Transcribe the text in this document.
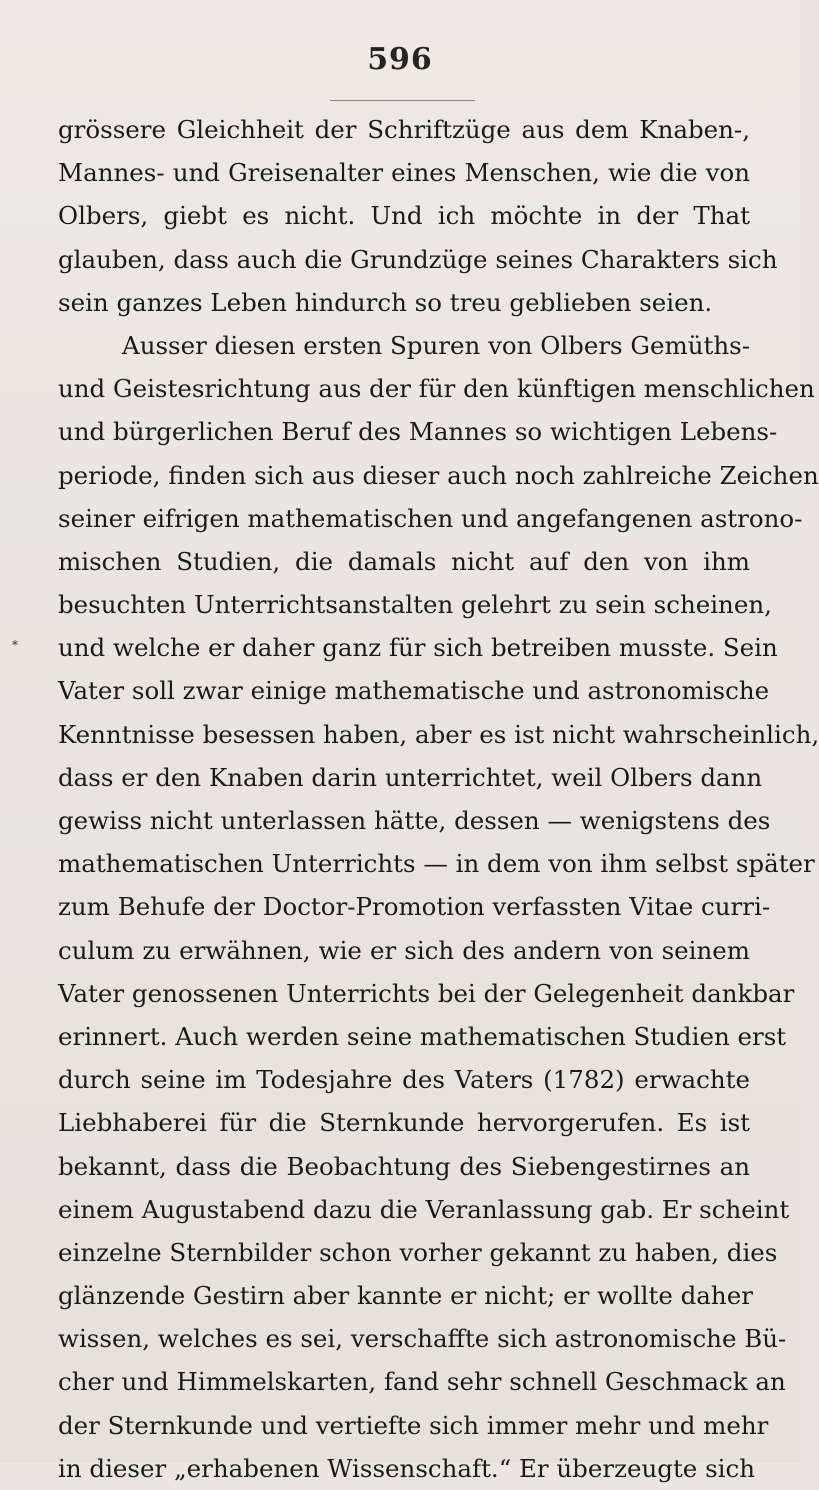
596
*
grössere Gleichheit der Schriftzüge aus dem Knaben-,
Mannes- und Greisenalter eines Menschen, wie die von
Olbers, giebt es nicht. Und ich möchte in der That
glauben, dass auch die Grundzüge seines Charakters sich
sein ganzes Leben hindurch so treu geblieben seien.
Ausser diesen ersten Spuren von Olbers Gemüths-
und Geistesrichtung aus der für den künftigen menschlichen
und bürgerlichen Beruf des Mannes so wichtigen Lebens-
periode, finden sich aus dieser auch noch zahlreiche Zeichen
seiner eifrigen mathematischen und angefangenen astrono-
mischen Studien, die damals nicht auf den von ihm
besuchten Unterrichtsanstalten gelehrt zu sein scheinen,
und welche er daher ganz für sich betreiben musste. Sein
Vater soll zwar einige mathematische und astronomische
Kenntnisse besessen haben, aber es ist nicht wahrscheinlich,
dass er den Knaben darin unterrichtet, weil Olbers dann
gewiss nicht unterlassen hätte, dessen — wenigstens des
mathematischen Unterrichts — in dem von ihm selbst später
zum Behufe der Doctor-Promotion verfassten Vitae curri-
culum zu erwähnen, wie er sich des andern von seinem
Vater genossenen Unterrichts bei der Gelegenheit dankbar
erinnert. Auch werden seine mathematischen Studien erst
durch seine im Todesjahre des Vaters (1782) erwachte
Liebhaberei für die Sternkunde hervorgerufen. Es ist
bekannt, dass die Beobachtung des Siebengestirnes an
einem Augustabend dazu die Veranlassung gab. Er scheint
einzelne Sternbilder schon vorher gekannt zu haben, dies
glänzende Gestirn aber kannte er nicht; er wollte daher
wissen, welches es sei, verschaffte sich astronomische Bü-
cher und Himmelskarten, fand sehr schnell Geschmack an
der Sternkunde und vertiefte sich immer mehr und mehr
in dieser „erhabenen Wissenschaft.“ Er überzeugte sich
